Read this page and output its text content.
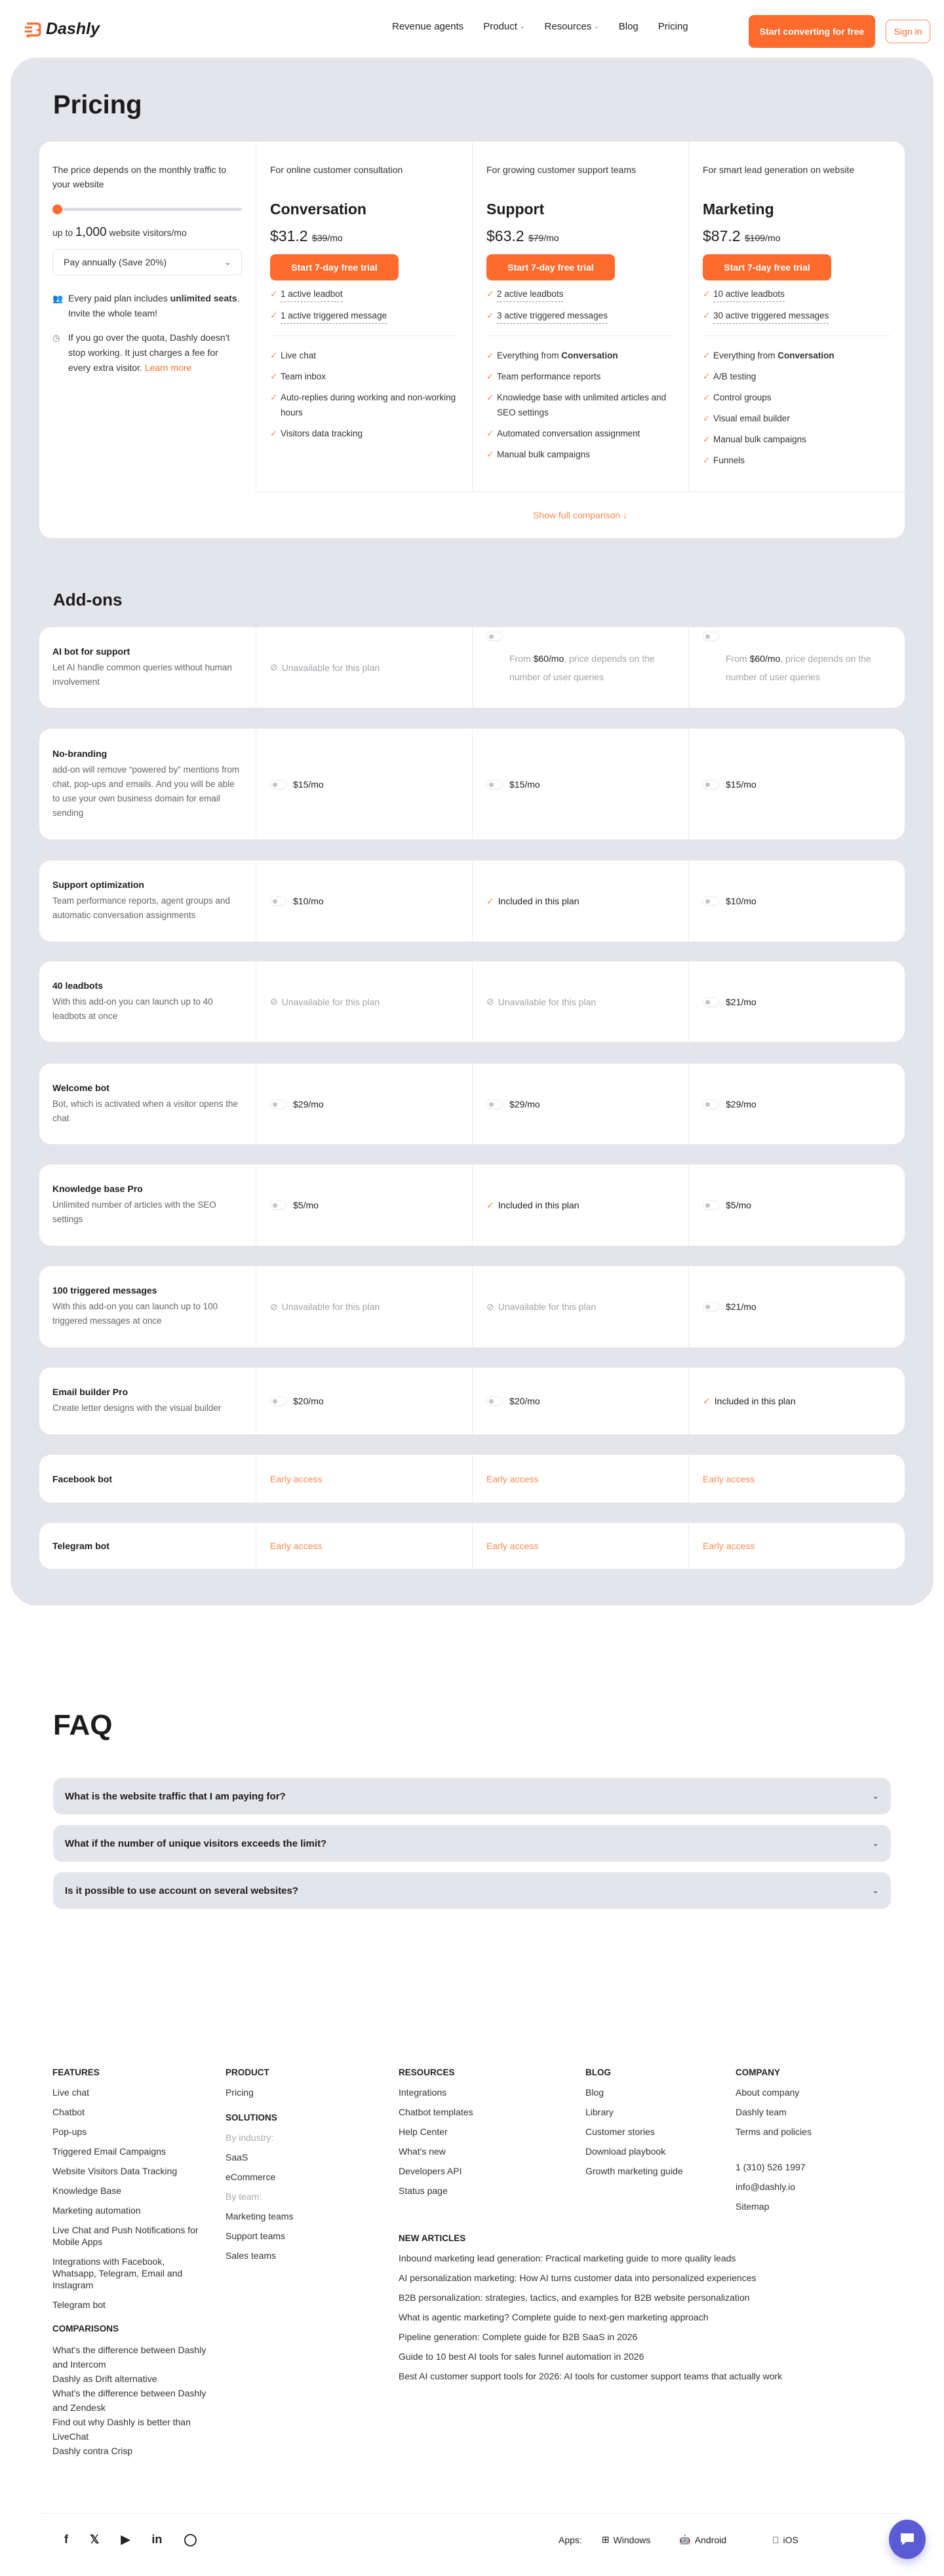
Dashly	Revenue agents Product ⌄ Resources ⌄ Blog Pricing	Start converting for free	Sign in
Pricing
The price depends on the monthly traffic to your website
up to 1,000 website visitors/mo
Pay annually (Save 20%)	⌄
👥 Every paid plan includes unlimited seats. Invite the whole team!
◷ If you go over the quota, Dashly doesn't stop working. It just charges a fee for every extra visitor. Learn more
For online customer consultation
Conversation
$31.2 $39/mo
Start 7-day free trial
✓ 1 active leadbot
✓ 1 active triggered message
✓ Live chat
✓ Team inbox
✓ Auto-replies during working and non-working hours
✓ Visitors data tracking
For growing customer support teams
Support
$63.2 $79/mo
Start 7-day free trial
✓ 2 active leadbots
✓ 3 active triggered messages
✓ Everything from Conversation
✓ Team performance reports
✓ Knowledge base with unlimited articles and SEO settings
✓ Automated conversation assignment
✓ Manual bulk campaigns
For smart lead generation on website
Marketing
$87.2 $109/mo
Start 7-day free trial
✓ 10 active leadbots
✓ 30 active triggered messages
✓ Everything from Conversation
✓ A/B testing
✓ Control groups
✓ Visual email builder
✓ Manual bulk campaigns
✓ Funnels
Show full comparison ↓
Add-ons
AI bot for support
Let AI handle common queries without human involvement
⊘ Unavailable for this plan
From $60/mo, price depends on the number of user queries
From $60/mo, price depends on the number of user queries
No-branding
add-on will remove “powered by” mentions from chat, pop-ups and emails. And you will be able to use your own business domain for email sending
$15/mo	$15/mo	$15/mo
Support optimization
Team performance reports, agent groups and automatic conversation assignments
$10/mo	✓ Included in this plan	$10/mo
40 leadbots
With this add-on you can launch up to 40 leadbots at once
⊘ Unavailable for this plan	⊘ Unavailable for this plan	$21/mo
Welcome bot
Bot, which is activated when a visitor opens the chat
$29/mo	$29/mo	$29/mo
Knowledge base Pro
Unlimited number of articles with the SEO settings
$5/mo	✓ Included in this plan	$5/mo
100 triggered messages
With this add-on you can launch up to 100 triggered messages at once
⊘ Unavailable for this plan	⊘ Unavailable for this plan	$21/mo
Email builder Pro
Create letter designs with the visual builder
$20/mo	$20/mo	✓ Included in this plan
Facebook bot	Early access	Early access	Early access
Telegram bot	Early access	Early access	Early access
FAQ
What is the website traffic that I am paying for?	⌄
What if the number of unique visitors exceeds the limit?	⌄
Is it possible to use account on several websites?	⌄
FEATURES
Live chat
Chatbot
Pop-ups
Triggered Email Campaigns
Website Visitors Data Tracking
Knowledge Base
Marketing automation
Live Chat and Push Notifications for Mobile Apps
Integrations with Facebook, Whatsapp, Telegram, Email and Instagram
Telegram bot
COMPARISONS
What's the difference between Dashly and Intercom
Dashly as Drift alternative
What's the difference between Dashly and Zendesk
Find out why Dashly is better than LiveChat
Dashly contra Crisp
PRODUCT
Pricing
SOLUTIONS
By industry:
SaaS
eCommerce
By team:
Marketing teams
Support teams
Sales teams
RESOURCES
Integrations
Chatbot templates
Help Center
What's new
Developers API
Status page
BLOG
Blog
Library
Customer stories
Download playbook
Growth marketing guide
COMPANY
About company
Dashly team
Terms and policies
1 (310) 526 1997
info@dashly.io
Sitemap
NEW ARTICLES
Inbound marketing lead generation: Practical marketing guide to more quality leads
AI personalization marketing: How AI turns customer data into personalized experiences
B2B personalization: strategies, tactics, and examples for B2B website personalization
What is agentic marketing? Complete guide to next-gen marketing approach
Pipeline generation: Complete guide for B2B SaaS in 2026
Guide to 10 best AI tools for sales funnel automation in 2026
Best AI customer support tools for 2026: AI tools for customer support teams that actually work
f 𝕏 ▶ in ◯	Apps: ⊞ Windows	🤖 Android	iOS
